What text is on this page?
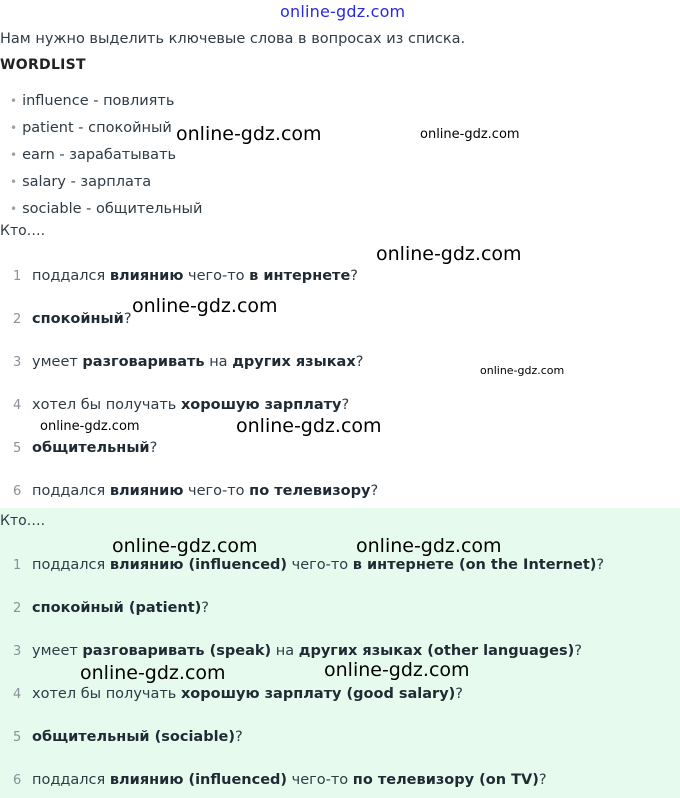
online-gdz.com
Нам нужно выделить ключевые слова в вопросах из списка.
WORDLIST
• influence - повлиять
• patient - спокойный
• earn - зарабатывать
• salary - зарплата
• sociable - общительный
Кто….
1 поддался влиянию чего-то в интернете?
2 спокойный?
3 умеет разговаривать на других языках?
4 хотел бы получать хорошую зарплату?
5 общительный?
6 поддался влиянию чего-то по телевизору?
Кто….
1 поддался влиянию (influenced) чего-то в интернете (on the Internet)?
2 спокойный (patient)?
3 умеет разговаривать (speak) на других языках (other languages)?
4 хотел бы получать хорошую зарплату (good salary)?
5 общительный (sociable)?
6 поддался влиянию (influenced) чего-то по телевизору (on TV)?
online-gdz.com	online-gdz.com
online-gdz.com
online-gdz.com
online-gdz.com
online-gdz.com	online-gdz.com
online-gdz.com	online-gdz.com
online-gdz.com	online-gdz.com
